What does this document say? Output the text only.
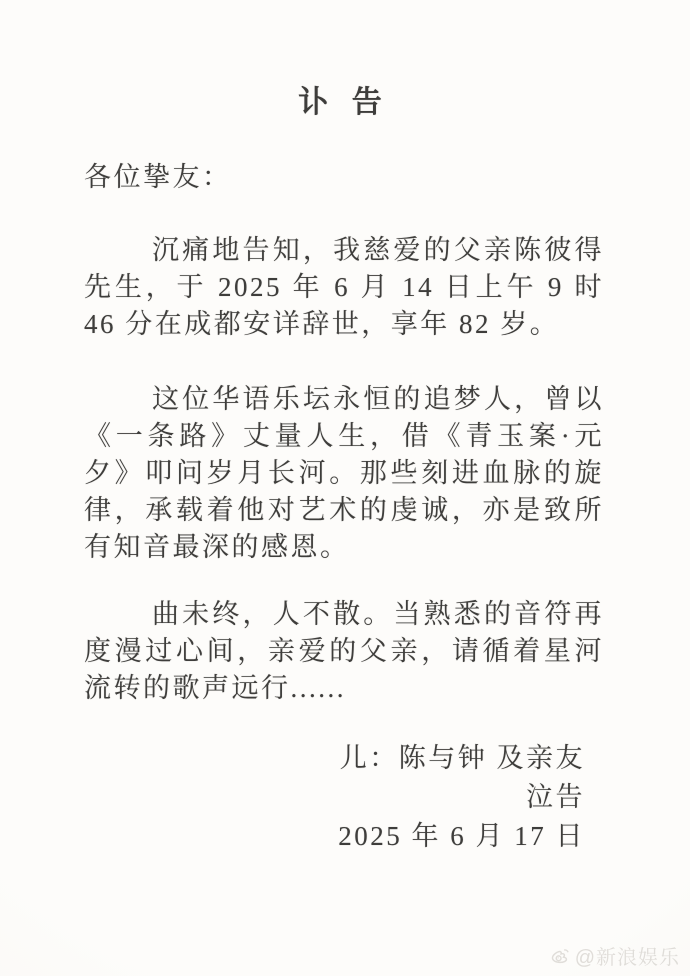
讣 告

各位挚友：

沉痛地告知，我慈爱的父亲陈彼得先生，于 2025 年 6 月 14 日上午 9 时 46 分在成都安详辞世，享年 82 岁。

这位华语乐坛永恒的追梦人，曾以《一条路》丈量人生，借《青玉案·元夕》叩问岁月长河。那些刻进血脉的旋律，承载着他对艺术的虔诚，亦是致所有知音最深的感恩。

曲未终，人不散。当熟悉的音符再度漫过心间，亲爱的父亲，请循着星河流转的歌声远行......

儿：陈与钟 及亲友
泣告
2025 年 6 月 17 日
@新浪娱乐
